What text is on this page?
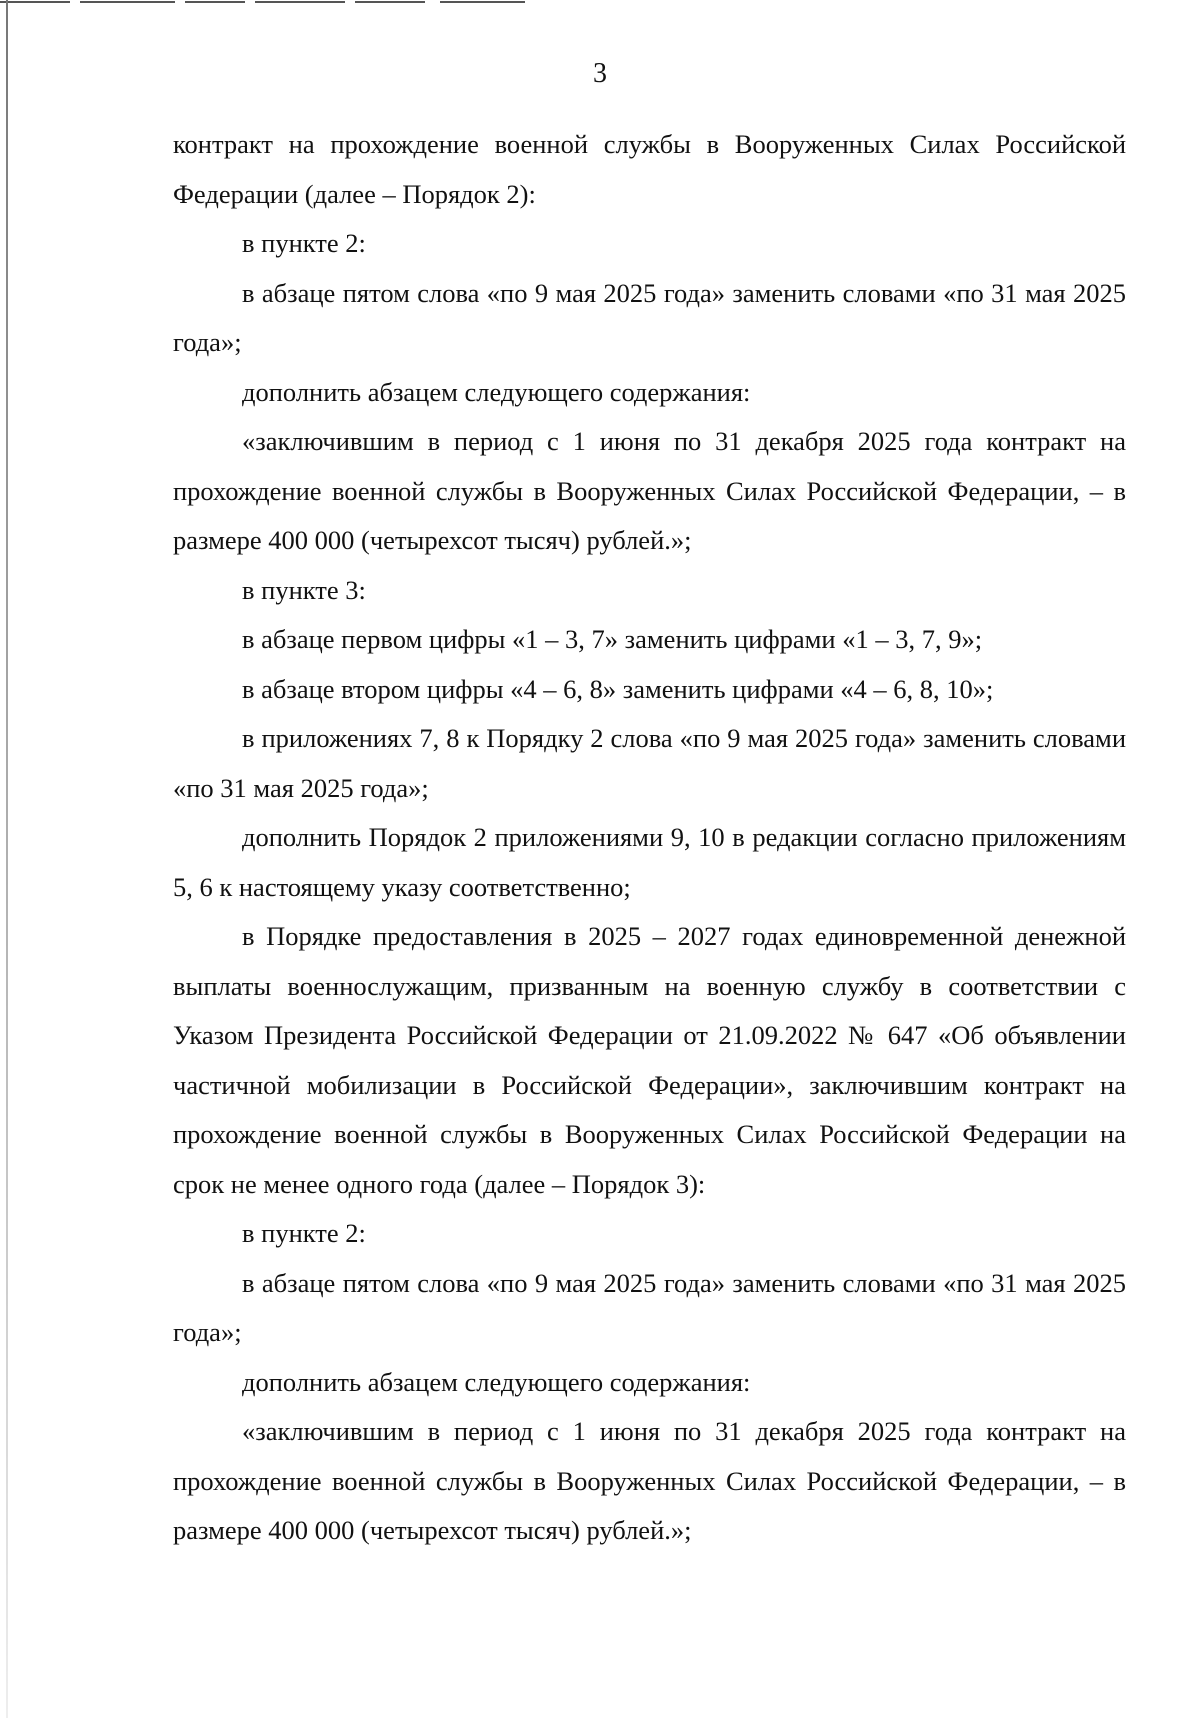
3

контракт на прохождение военной службы в Вооруженных Силах Российской Федерации (далее – Порядок 2):

в пункте 2:

в абзаце пятом слова «по 9 мая 2025 года» заменить словами «по 31 мая 2025 года»;

дополнить абзацем следующего содержания:

«заключившим в период с 1 июня по 31 декабря 2025 года контракт на прохождение военной службы в Вооруженных Силах Российской Федерации, – в размере 400 000 (четырехсот тысяч) рублей.»;

в пункте 3:

в абзаце первом цифры «1 – 3, 7» заменить цифрами «1 – 3, 7, 9»;

в абзаце втором цифры «4 – 6, 8» заменить цифрами «4 – 6, 8, 10»;

в приложениях 7, 8 к Порядку 2 слова «по 9 мая 2025 года» заменить словами «по 31 мая 2025 года»;

дополнить Порядок 2 приложениями 9, 10 в редакции согласно приложениям 5, 6 к настоящему указу соответственно;

в Порядке предоставления в 2025 – 2027 годах единовременной денежной выплаты военнослужащим, призванным на военную службу в соответствии с Указом Президента Российской Федерации от 21.09.2022 № 647 «Об объявлении частичной мобилизации в Российской Федерации», заключившим контракт на прохождение военной службы в Вооруженных Силах Российской Федерации на срок не менее одного года (далее – Порядок 3):

в пункте 2:

в абзаце пятом слова «по 9 мая 2025 года» заменить словами «по 31 мая 2025 года»;

дополнить абзацем следующего содержания:

«заключившим в период с 1 июня по 31 декабря 2025 года контракт на прохождение военной службы в Вооруженных Силах Российской Федерации, – в размере 400 000 (четырехсот тысяч) рублей.»;
